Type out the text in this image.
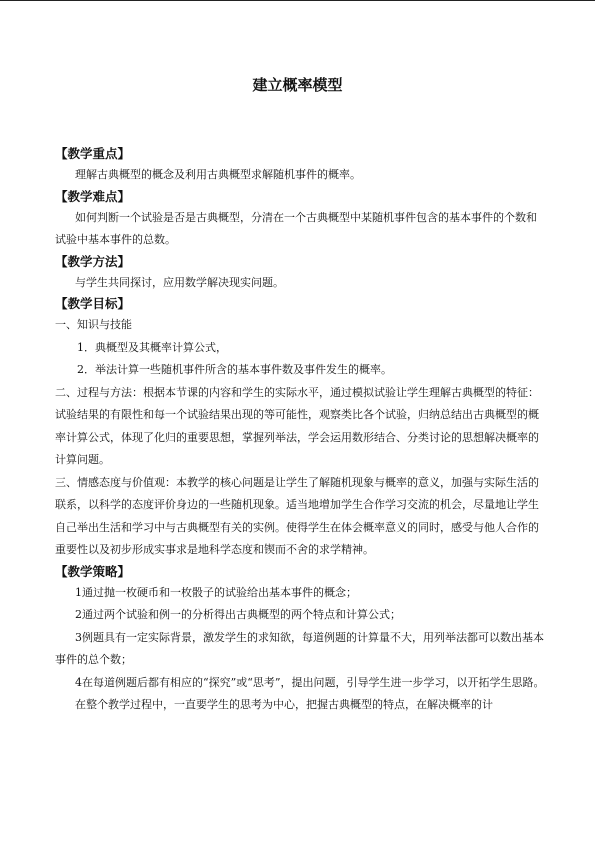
建立概率模型
【教学重点】

理解古典概型的概念及利用古典概型求解随机事件的概率。

【教学难点】

如何判断一个试验是否是古典概型，分清在一个古典概型中某随机事件包含的基本事件的个数和试验中基本事件的总数。

【教学方法】

与学生共同探讨，应用数学解决现实问题。

【教学目标】

一、知识与技能

1．典概型及其概率计算公式，

2．举法计算一些随机事件所含的基本事件数及事件发生的概率。

二、过程与方法：根据本节课的内容和学生的实际水平，通过模拟试验让学生理解古典概型的特征：试验结果的有限性和每一个试验结果出现的等可能性，观察类比各个试验，归纳总结出古典概型的概率计算公式，体现了化归的重要思想，掌握列举法，学会运用数形结合、分类讨论的思想解决概率的计算问题。

三、情感态度与价值观：本教学的核心问题是让学生了解随机现象与概率的意义，加强与实际生活的联系，以科学的态度评价身边的一些随机现象。适当地增加学生合作学习交流的机会，尽量地让学生自己举出生活和学习中与古典概型有关的实例。使得学生在体会概率意义的同时，感受与他人合作的重要性以及初步形成实事求是地科学态度和锲而不舍的求学精神。

【教学策略】

1通过抛一枚硬币和一枚骰子的试验给出基本事件的概念；

2通过两个试验和例一的分析得出古典概型的两个特点和计算公式；

3例题具有一定实际背景，激发学生的求知欲，每道例题的计算量不大，用列举法都可以数出基本事件的总个数；

4在每道例题后都有相应的“探究”或“思考”，提出问题，引导学生进一步学习，以开拓学生思路。

在整个教学过程中，一直要学生的思考为中心，把握古典概型的特点，在解决概率的计
